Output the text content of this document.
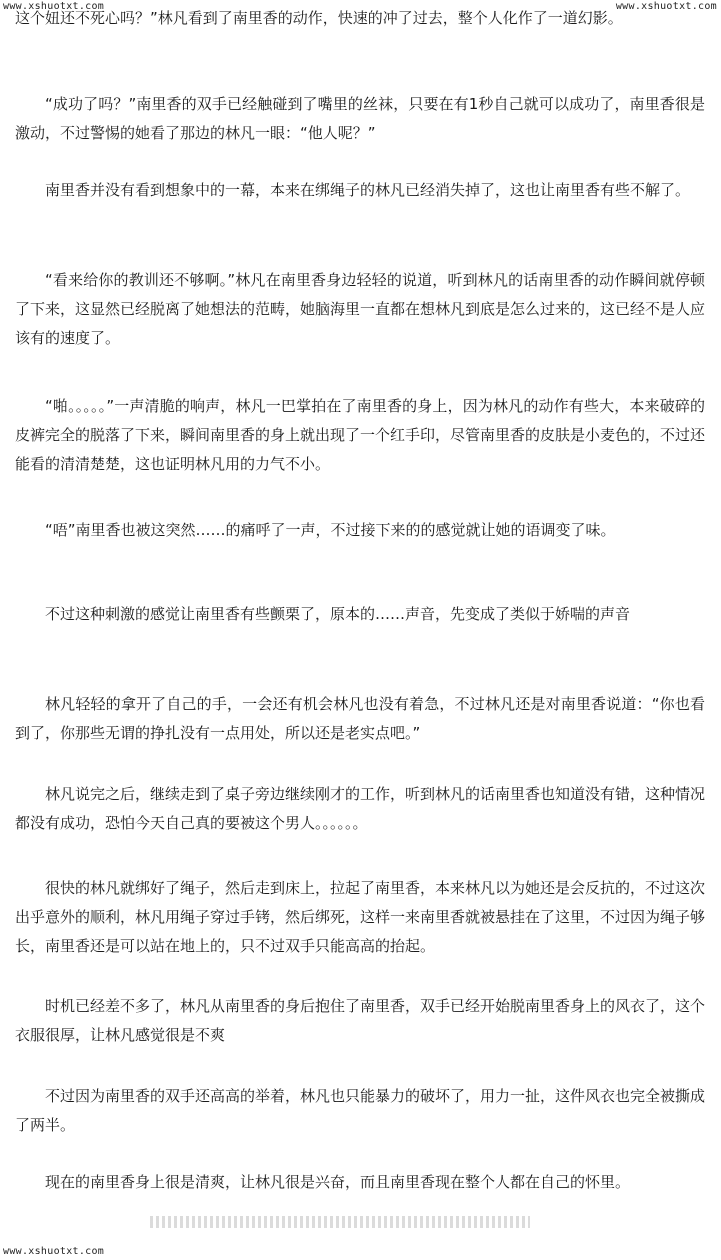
www.xshuotxt.com	www.xshuotxt.com

这个妞还不死心吗？”林凡看到了南里香的动作，快速的冲了过去，整个人化作了一道幻影。

“成功了吗？”南里香的双手已经触碰到了嘴里的丝袜，只要在有1秒自己就可以成功了，南里香很是激动，不过警惕的她看了那边的林凡一眼：“他人呢？”

南里香并没有看到想象中的一幕，本来在绑绳子的林凡已经消失掉了，这也让南里香有些不解了。

“看来给你的教训还不够啊。”林凡在南里香身边轻轻的说道，听到林凡的话南里香的动作瞬间就停顿了下来，这显然已经脱离了她想法的范畴，她脑海里一直都在想林凡到底是怎么过来的，这已经不是人应该有的速度了。

“啪。。。。。”一声清脆的响声，林凡一巴掌拍在了南里香的身上，因为林凡的动作有些大，本来破碎的皮裤完全的脱落了下来，瞬间南里香的身上就出现了一个红手印，尽管南里香的皮肤是小麦色的，不过还能看的清清楚楚，这也证明林凡用的力气不小。

“唔”南里香也被这突然……的痛呼了一声，不过接下来的的感觉就让她的语调变了味。

不过这种刺激的感觉让南里香有些颤栗了，原本的……声音，先变成了类似于娇喘的声音

林凡轻轻的拿开了自己的手，一会还有机会林凡也没有着急，不过林凡还是对南里香说道：“你也看到了，你那些无谓的挣扎没有一点用处，所以还是老实点吧。”

林凡说完之后，继续走到了桌子旁边继续刚才的工作，听到林凡的话南里香也知道没有错，这种情况都没有成功，恐怕今天自己真的要被这个男人。。。。。。

很快的林凡就绑好了绳子，然后走到床上，拉起了南里香，本来林凡以为她还是会反抗的，不过这次出乎意外的顺利，林凡用绳子穿过手铐，然后绑死，这样一来南里香就被悬挂在了这里，不过因为绳子够长，南里香还是可以站在地上的，只不过双手只能高高的抬起。

时机已经差不多了，林凡从南里香的身后抱住了南里香，双手已经开始脱南里香身上的风衣了，这个衣服很厚，让林凡感觉很是不爽

不过因为南里香的双手还高高的举着，林凡也只能暴力的破坏了，用力一扯，这件风衣也完全被撕成了两半。

现在的南里香身上很是清爽，让林凡很是兴奋，而且南里香现在整个人都在自己的怀里。

www.xshuotxt.com
